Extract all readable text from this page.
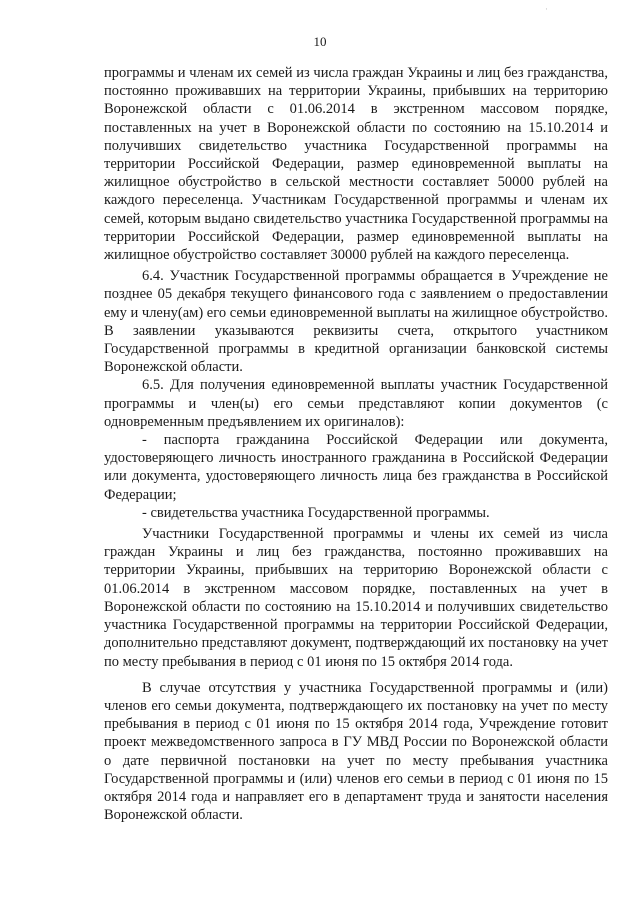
·
10

программы и членам их семей из числа граждан Украины и лиц без гражданства, постоянно проживавших на территории Украины, прибывших на территорию Воронежской области с 01.06.2014 в экстренном массовом порядке, поставленных на учет в Воронежской области по состоянию на 15.10.2014 и получивших свидетельство участника Государственной программы на территории Российской Федерации, размер единовременной выплаты на жилищное обустройство в сельской местности составляет 50000 рублей на каждого переселенца. Участникам Государственной программы и членам их семей, которым выдано свидетельство участника Государственной программы на территории Российской Федерации, размер единовременной выплаты на жилищное обустройство составляет 30000 рублей на каждого переселенца.

6.4. Участник Государственной программы обращается в Учреждение не позднее 05 декабря текущего финансового года с заявлением о предоставлении ему и члену(ам) его семьи единовременной выплаты на жилищное обустройство. В заявлении указываются реквизиты счета, открытого участником Государственной программы в кредитной организации банковской системы Воронежской области.

6.5. Для получения единовременной выплаты участник Государственной программы и член(ы) его семьи представляют копии документов (с одновременным предъявлением их оригиналов):

- паспорта гражданина Российской Федерации или документа, удостоверяющего личность иностранного гражданина в Российской Федерации или документа, удостоверяющего личность лица без гражданства в Российской Федерации;

- свидетельства участника Государственной программы.

Участники Государственной программы и члены их семей из числа граждан Украины и лиц без гражданства, постоянно проживавших на территории Украины, прибывших на территорию Воронежской области с 01.06.2014 в экстренном массовом порядке, поставленных на учет в Воронежской области по состоянию на 15.10.2014 и получивших свидетельство участника Государственной программы на территории Российской Федерации, дополнительно представляют документ, подтверждающий их постановку на учет по месту пребывания в период с 01 июня по 15 октября 2014 года.

В случае отсутствия у участника Государственной программы и (или) членов его семьи документа, подтверждающего их постановку на учет по месту пребывания в период с 01 июня по 15 октября 2014 года, Учреждение готовит проект межведомственного запроса в ГУ МВД России по Воронежской области о дате первичной постановки на учет по месту пребывания участника Государственной программы и (или) членов его семьи в период с 01 июня по 15 октября 2014 года и направляет его в департамент труда и занятости населения Воронежской области.
